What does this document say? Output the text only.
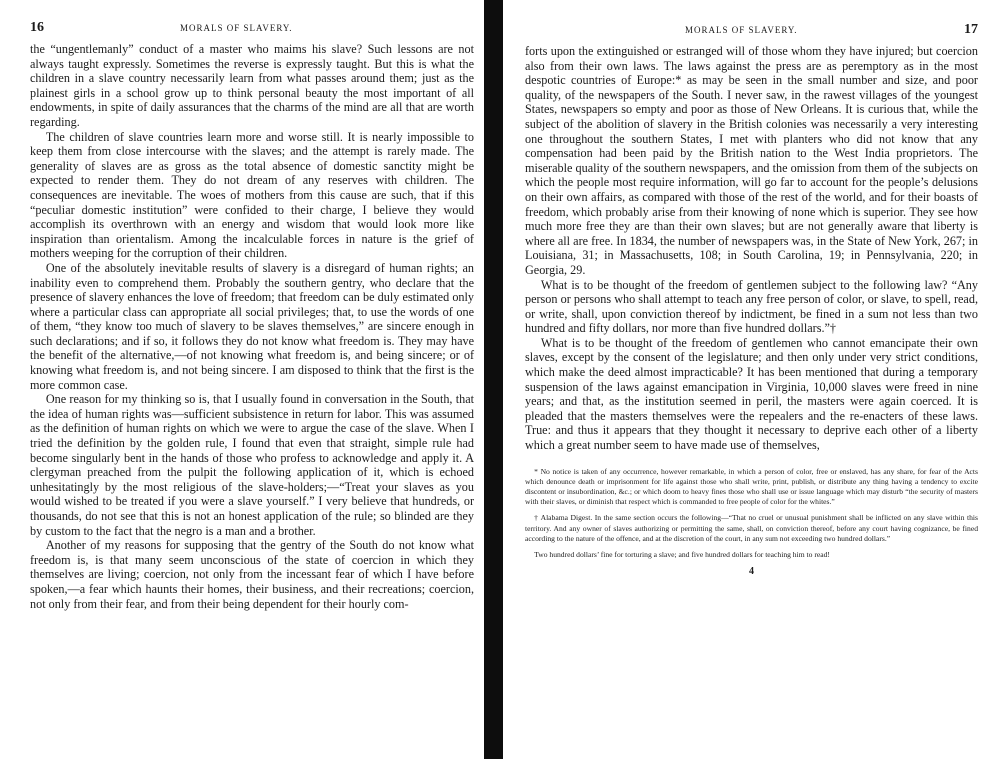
16	MORALS OF SLAVERY.

the “ungentlemanly” conduct of a master who maims his slave? Such lessons are not always taught expressly. Sometimes the reverse is expressly taught. But this is what the children in a slave country necessarily learn from what passes around them; just as the plainest girls in a school grow up to think personal beauty the most important of all endowments, in spite of daily assurances that the charms of the mind are all that are worth regarding.

The children of slave countries learn more and worse still. It is nearly impossible to keep them from close intercourse with the slaves; and the attempt is rarely made. The generality of slaves are as gross as the total absence of domestic sanctity might be expected to render them. They do not dream of any reserves with children. The consequences are inevitable. The woes of mothers from this cause are such, that if this “peculiar domestic institution” were confided to their charge, I believe they would accomplish its overthrown with an energy and wisdom that would look more like inspiration than orientalism. Among the incalculable forces in nature is the grief of mothers weeping for the corruption of their children.

One of the absolutely inevitable results of slavery is a disregard of human rights; an inability even to comprehend them. Probably the southern gentry, who declare that the presence of slavery enhances the love of freedom; that freedom can be duly estimated only where a particular class can appropriate all social privileges; that, to use the words of one of them, “they know too much of slavery to be slaves themselves,” are sincere enough in such declarations; and if so, it follows they do not know what freedom is. They may have the benefit of the alternative,—of not knowing what freedom is, and being sincere; or of knowing what freedom is, and not being sincere. I am disposed to think that the first is the more common case.

One reason for my thinking so is, that I usually found in conversation in the South, that the idea of human rights was—sufficient subsistence in return for labor. This was assumed as the definition of human rights on which we were to argue the case of the slave. When I tried the definition by the golden rule, I found that even that straight, simple rule had become singularly bent in the hands of those who profess to acknowledge and apply it. A clergyman preached from the pulpit the following application of it, which is echoed unhesitatingly by the most religious of the slave-holders;—“Treat your slaves as you would wished to be treated if you were a slave yourself.” I very believe that hundreds, or thousands, do not see that this is not an honest application of the rule; so blinded are they by custom to the fact that the negro is a man and a brother.

Another of my reasons for supposing that the gentry of the South do not know what freedom is, is that many seem unconscious of the state of coercion in which they themselves are living; coercion, not only from the incessant fear of which I have before spoken,—a fear which haunts their homes, their business, and their recreations; coercion, not only from their fear, and from their being dependent for their hourly com-

MORALS OF SLAVERY.	17

forts upon the extinguished or estranged will of those whom they have injured; but coercion also from their own laws. The laws against the press are as peremptory as in the most despotic countries of Europe:* as may be seen in the small number and size, and poor quality, of the newspapers of the South. I never saw, in the rawest villages of the youngest States, newspapers so empty and poor as those of New Orleans. It is curious that, while the subject of the abolition of slavery in the British colonies was necessarily a very interesting one throughout the southern States, I met with planters who did not know that any compensation had been paid by the British nation to the West India proprietors. The miserable quality of the southern newspapers, and the omission from them of the subjects on which the people most require information, will go far to account for the people’s delusions on their own affairs, as compared with those of the rest of the world, and for their boasts of freedom, which probably arise from their knowing of none which is superior. They see how much more free they are than their own slaves; but are not generally aware that liberty is where all are free. In 1834, the number of newspapers was, in the State of New York, 267; in Louisiana, 31; in Massachusetts, 108; in South Carolina, 19; in Pennsylvania, 220; in Georgia, 29.

What is to be thought of the freedom of gentlemen subject to the following law? “Any person or persons who shall attempt to teach any free person of color, or slave, to spell, read, or write, shall, upon conviction thereof by indictment, be fined in a sum not less than two hundred and fifty dollars, nor more than five hundred dollars.”†

What is to be thought of the freedom of gentlemen who cannot emancipate their own slaves, except by the consent of the legislature; and then only under very strict conditions, which make the deed almost impracticable? It has been mentioned that during a temporary suspension of the laws against emancipation in Virginia, 10,000 slaves were freed in nine years; and that, as the institution seemed in peril, the masters were again coerced. It is pleaded that the masters themselves were the repealers and the re-enacters of these laws. True: and thus it appears that they thought it necessary to deprive each other of a liberty which a great number seem to have made use of themselves,

* No notice is taken of any occurrence, however remarkable, in which a person of color, free or enslaved, has any share, for fear of the Acts which denounce death or imprisonment for life against those who shall write, print, publish, or distribute any thing having a tendency to excite discontent or insubordination, &c.; or which doom to heavy fines those who shall use or issue language which may disturb “the security of masters with their slaves, or diminish that respect which is commanded to free people of color for the whites.”

† Alabama Digest. In the same section occurs the following—“That no cruel or unusual punishment shall be inflicted on any slave within this territory. And any owner of slaves authorizing or permitting the same, shall, on conviction thereof, before any court having cognizance, be fined according to the nature of the offence, and at the discretion of the court, in any sum not exceeding two hundred dollars.”

Two hundred dollars’ fine for torturing a slave; and five hundred dollars for teaching him to read!

4
